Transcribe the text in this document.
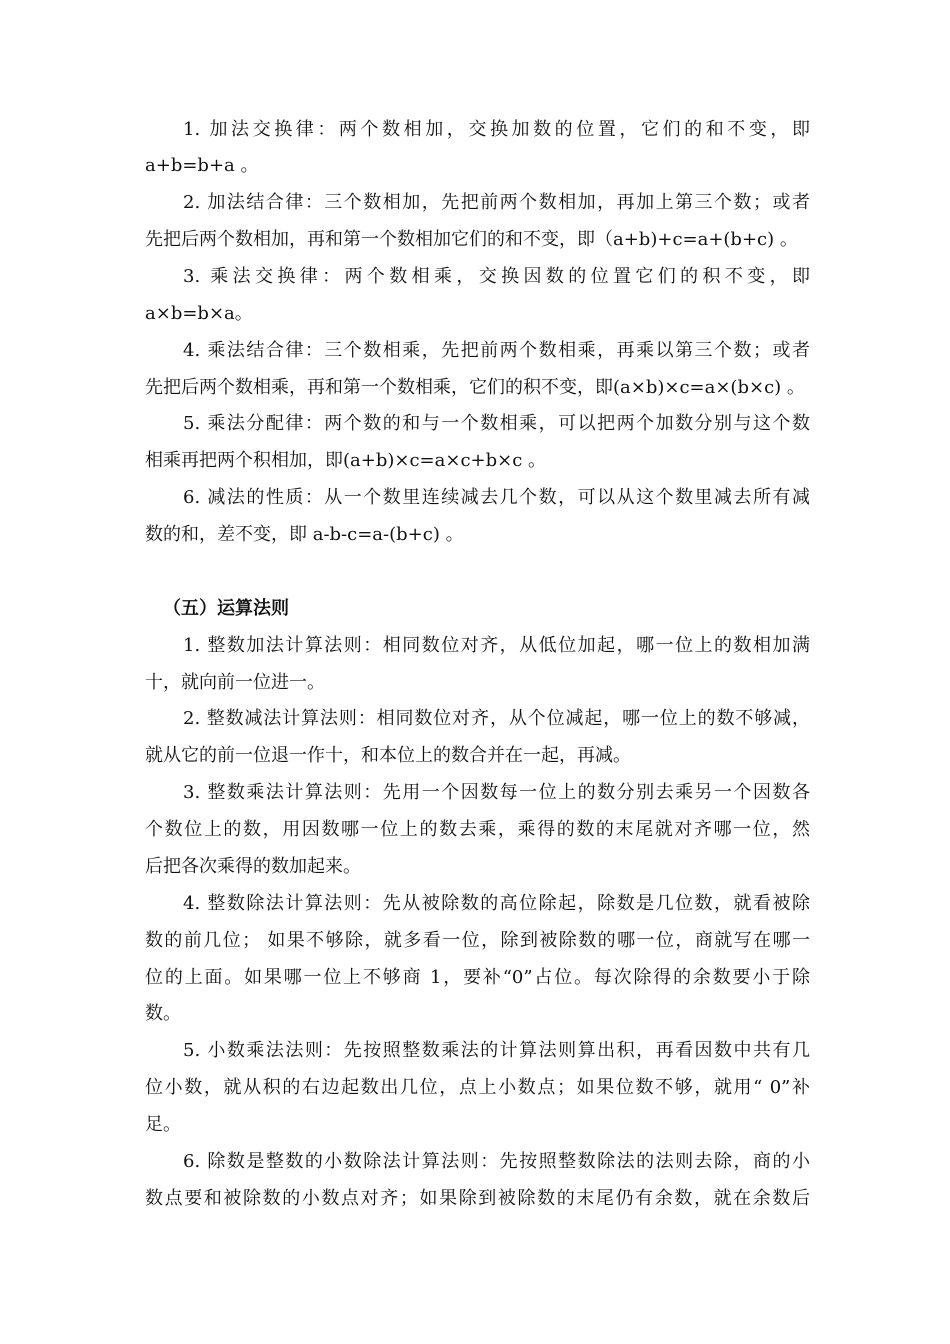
1. 加法交换律：两个数相加，交换加数的位置，它们的和不变，即
a+b=b+a 。
2. 加法结合律：三个数相加，先把前两个数相加，再加上第三个数；或者
先把后两个数相加，再和第一个数相加它们的和不变，即（a+b)+c=a+(b+c) 。
3. 乘法交换律：两个数相乘，交换因数的位置它们的积不变，即
a×b=b×a。
4. 乘法结合律：三个数相乘，先把前两个数相乘，再乘以第三个数；或者
先把后两个数相乘，再和第一个数相乘，它们的积不变，即(a×b)×c=a×(b×c) 。
5. 乘法分配律：两个数的和与一个数相乘，可以把两个加数分别与这个数
相乘再把两个积相加，即(a+b)×c=a×c+b×c 。
6. 减法的性质：从一个数里连续减去几个数，可以从这个数里减去所有减
数的和，差不变，即 a-b-c=a-(b+c) 。
（五）运算法则
1. 整数加法计算法则：相同数位对齐，从低位加起，哪一位上的数相加满
十，就向前一位进一。
2. 整数减法计算法则：相同数位对齐，从个位减起，哪一位上的数不够减，
就从它的前一位退一作十，和本位上的数合并在一起，再减。
3. 整数乘法计算法则：先用一个因数每一位上的数分别去乘另一个因数各
个数位上的数，用因数哪一位上的数去乘，乘得的数的末尾就对齐哪一位，然
后把各次乘得的数加起来。
4. 整数除法计算法则：先从被除数的高位除起，除数是几位数，就看被除
数的前几位； 如果不够除，就多看一位，除到被除数的哪一位，商就写在哪一
位的上面。如果哪一位上不够商 1，要补“0”占位。每次除得的余数要小于除
数。
5. 小数乘法法则：先按照整数乘法的计算法则算出积，再看因数中共有几
位小数，就从积的右边起数出几位，点上小数点；如果位数不够，就用“ 0”补
足。
6. 除数是整数的小数除法计算法则：先按照整数除法的法则去除，商的小
数点要和被除数的小数点对齐；如果除到被除数的末尾仍有余数，就在余数后
